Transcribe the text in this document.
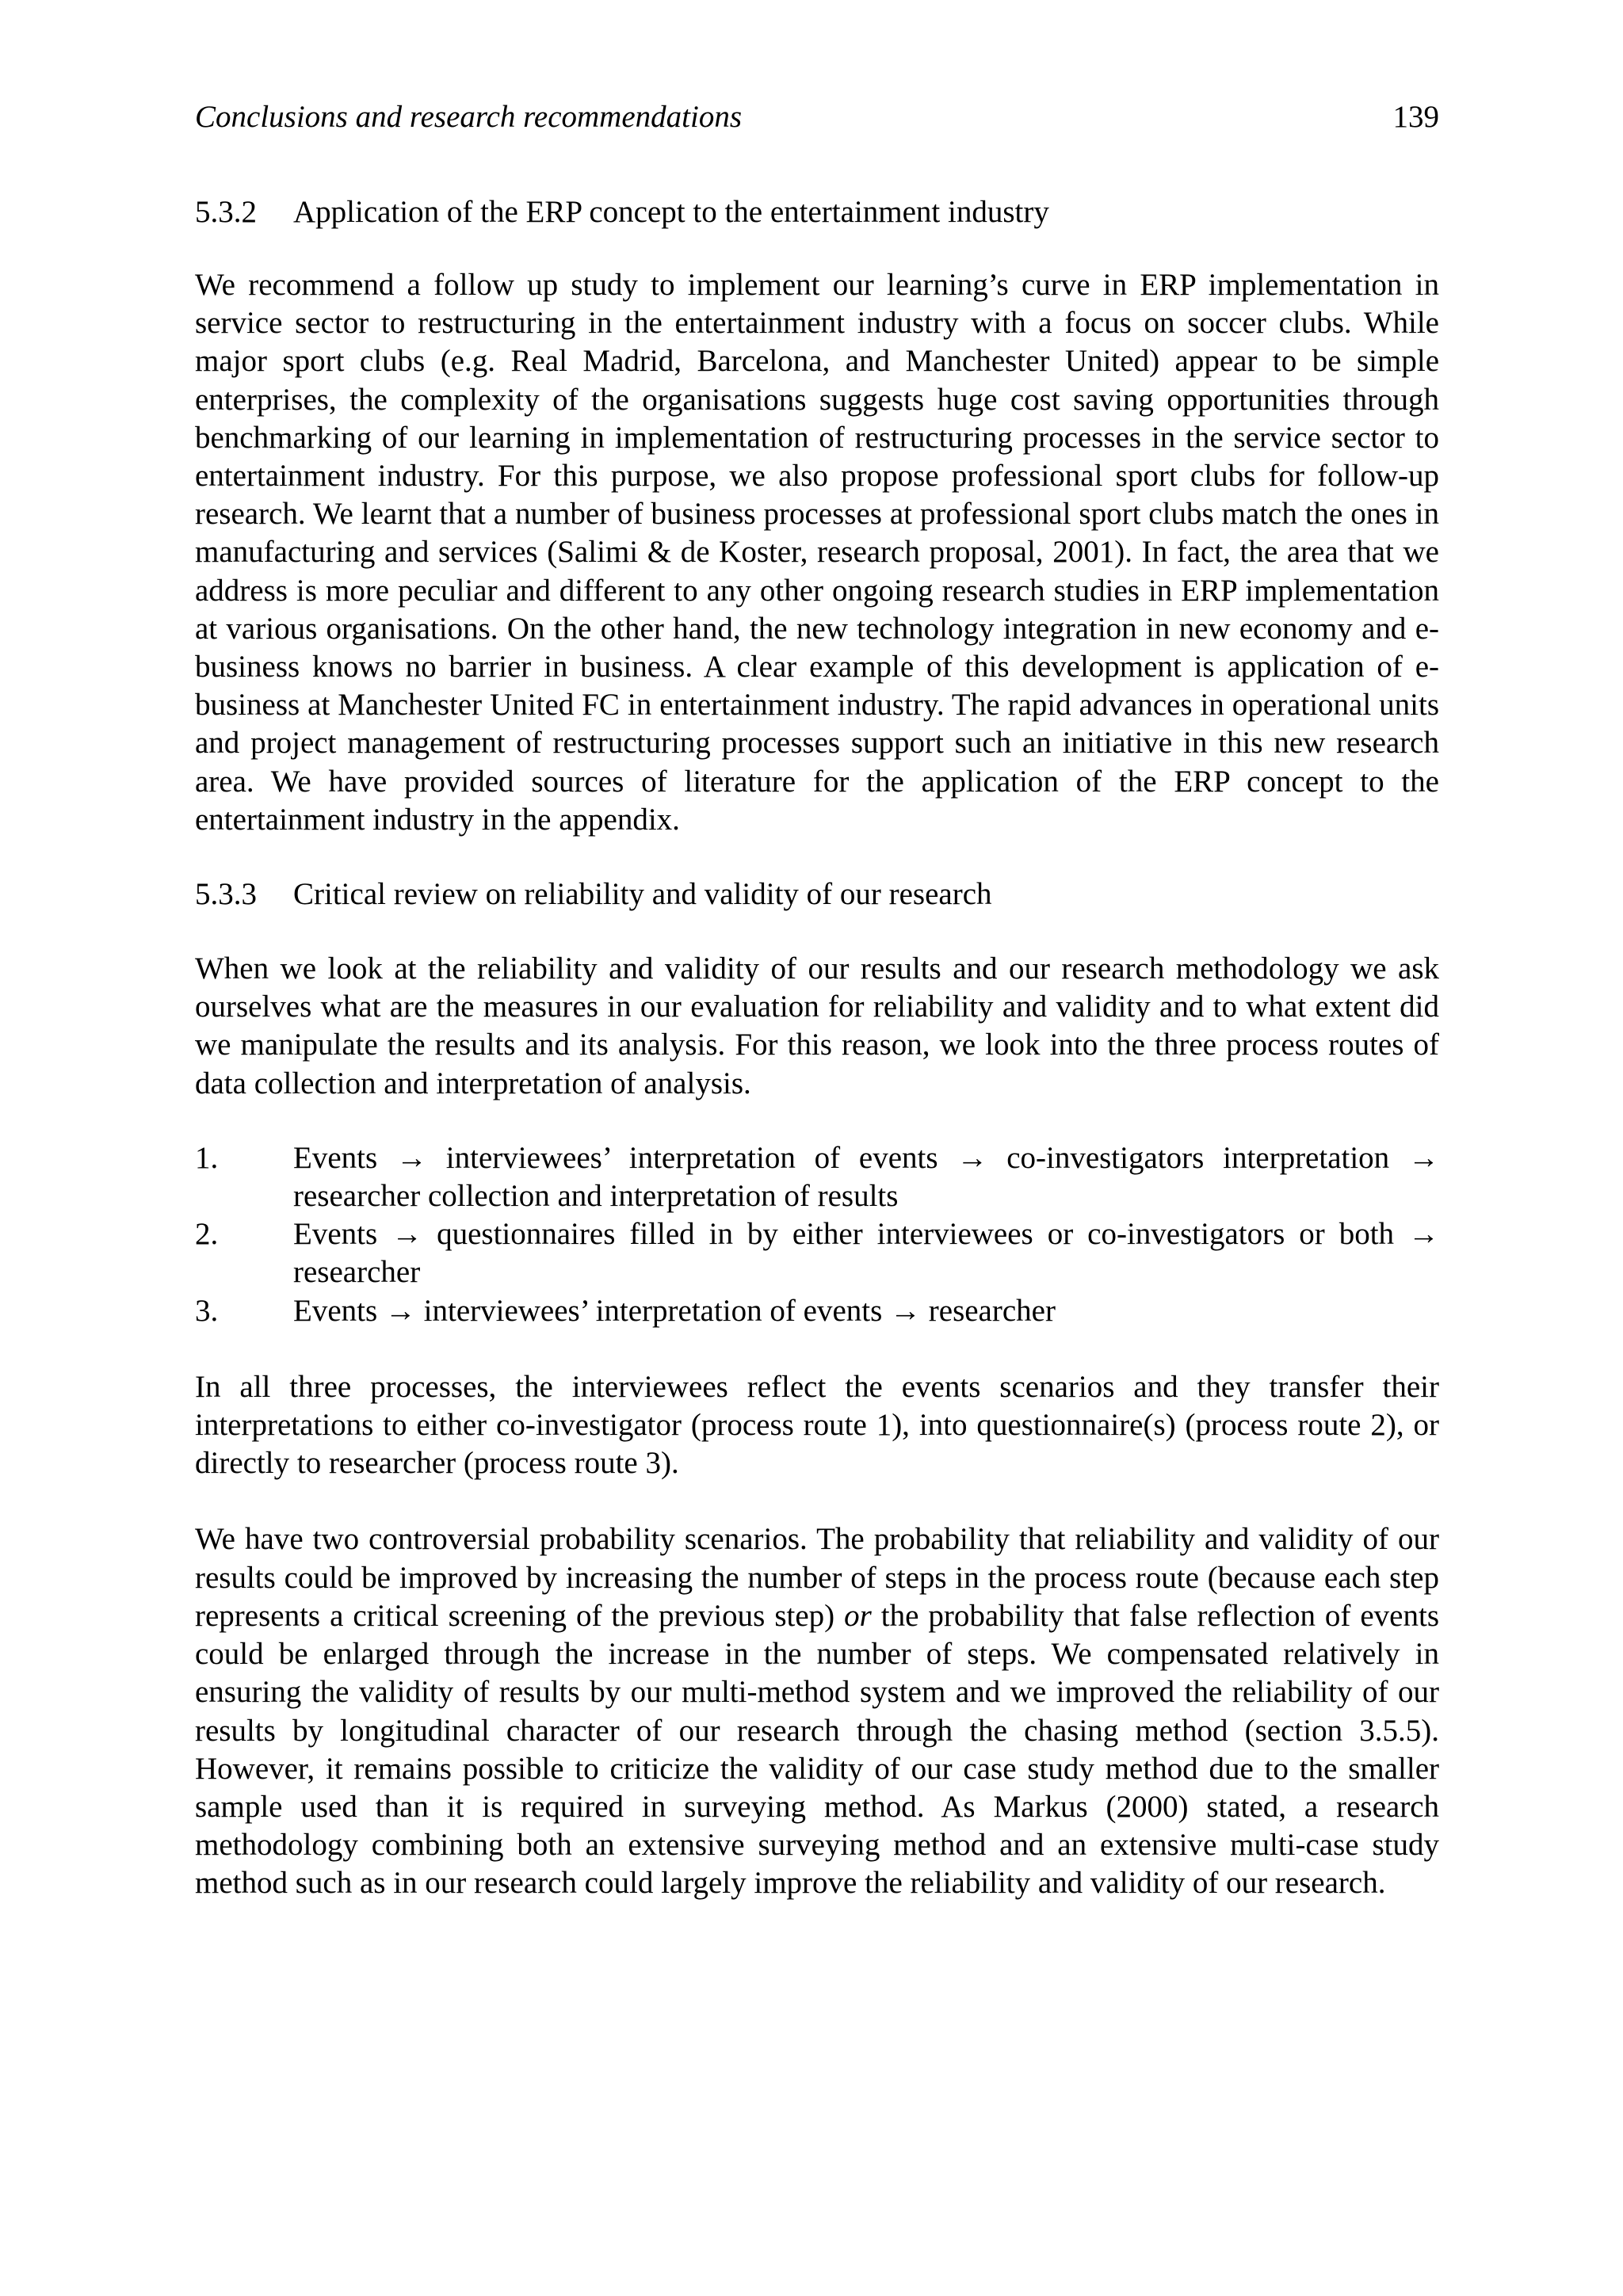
Conclusions and research recommendations	139
5.3.2	Application of the ERP concept to the entertainment industry

We recommend a follow up study to implement our learning’s curve in ERP implementation in service sector to restructuring in the entertainment industry with a focus on soccer clubs. While major sport clubs (e.g. Real Madrid, Barcelona, and Manchester United) appear to be simple enterprises, the complexity of the organisations suggests huge cost saving opportunities through benchmarking of our learning in implementation of restructuring processes in the service sector to entertainment industry. For this purpose, we also propose professional sport clubs for follow-up research. We learnt that a number of business processes at professional sport clubs match the ones in manufacturing and services (Salimi & de Koster, research proposal, 2001). In fact, the area that we address is more peculiar and different to any other ongoing research studies in ERP implementation at various organisations. On the other hand, the new technology integration in new economy and e-business knows no barrier in business. A clear example of this development is application of e-business at Manchester United FC in entertainment industry. The rapid advances in operational units and project management of restructuring processes support such an initiative in this new research area. We have provided sources of literature for the application of the ERP concept to the entertainment industry in the appendix.

5.3.3	Critical review on reliability and validity of our research

When we look at the reliability and validity of our results and our research methodology we ask ourselves what are the measures in our evaluation for reliability and validity and to what extent did we manipulate the results and its analysis. For this reason, we look into the three process routes of data collection and interpretation of analysis.

1.	Events → interviewees’ interpretation of events → co-investigators interpretation → researcher collection and interpretation of results
2.	Events → questionnaires filled in by either interviewees or co-investigators or both → researcher
3.	Events → interviewees’ interpretation of events → researcher

In all three processes, the interviewees reflect the events scenarios and they transfer their interpretations to either co-investigator (process route 1), into questionnaire(s) (process route 2), or directly to researcher (process route 3).

We have two controversial probability scenarios. The probability that reliability and validity of our results could be improved by increasing the number of steps in the process route (because each step represents a critical screening of the previous step) or the probability that false reflection of events could be enlarged through the increase in the number of steps. We compensated relatively in ensuring the validity of results by our multi-method system and we improved the reliability of our results by longitudinal character of our research through the chasing method (section 3.5.5). However, it remains possible to criticize the validity of our case study method due to the smaller sample used than it is required in surveying method. As Markus (2000) stated, a research methodology combining both an extensive surveying method and an extensive multi-case study method such as in our research could largely improve the reliability and validity of our research.
